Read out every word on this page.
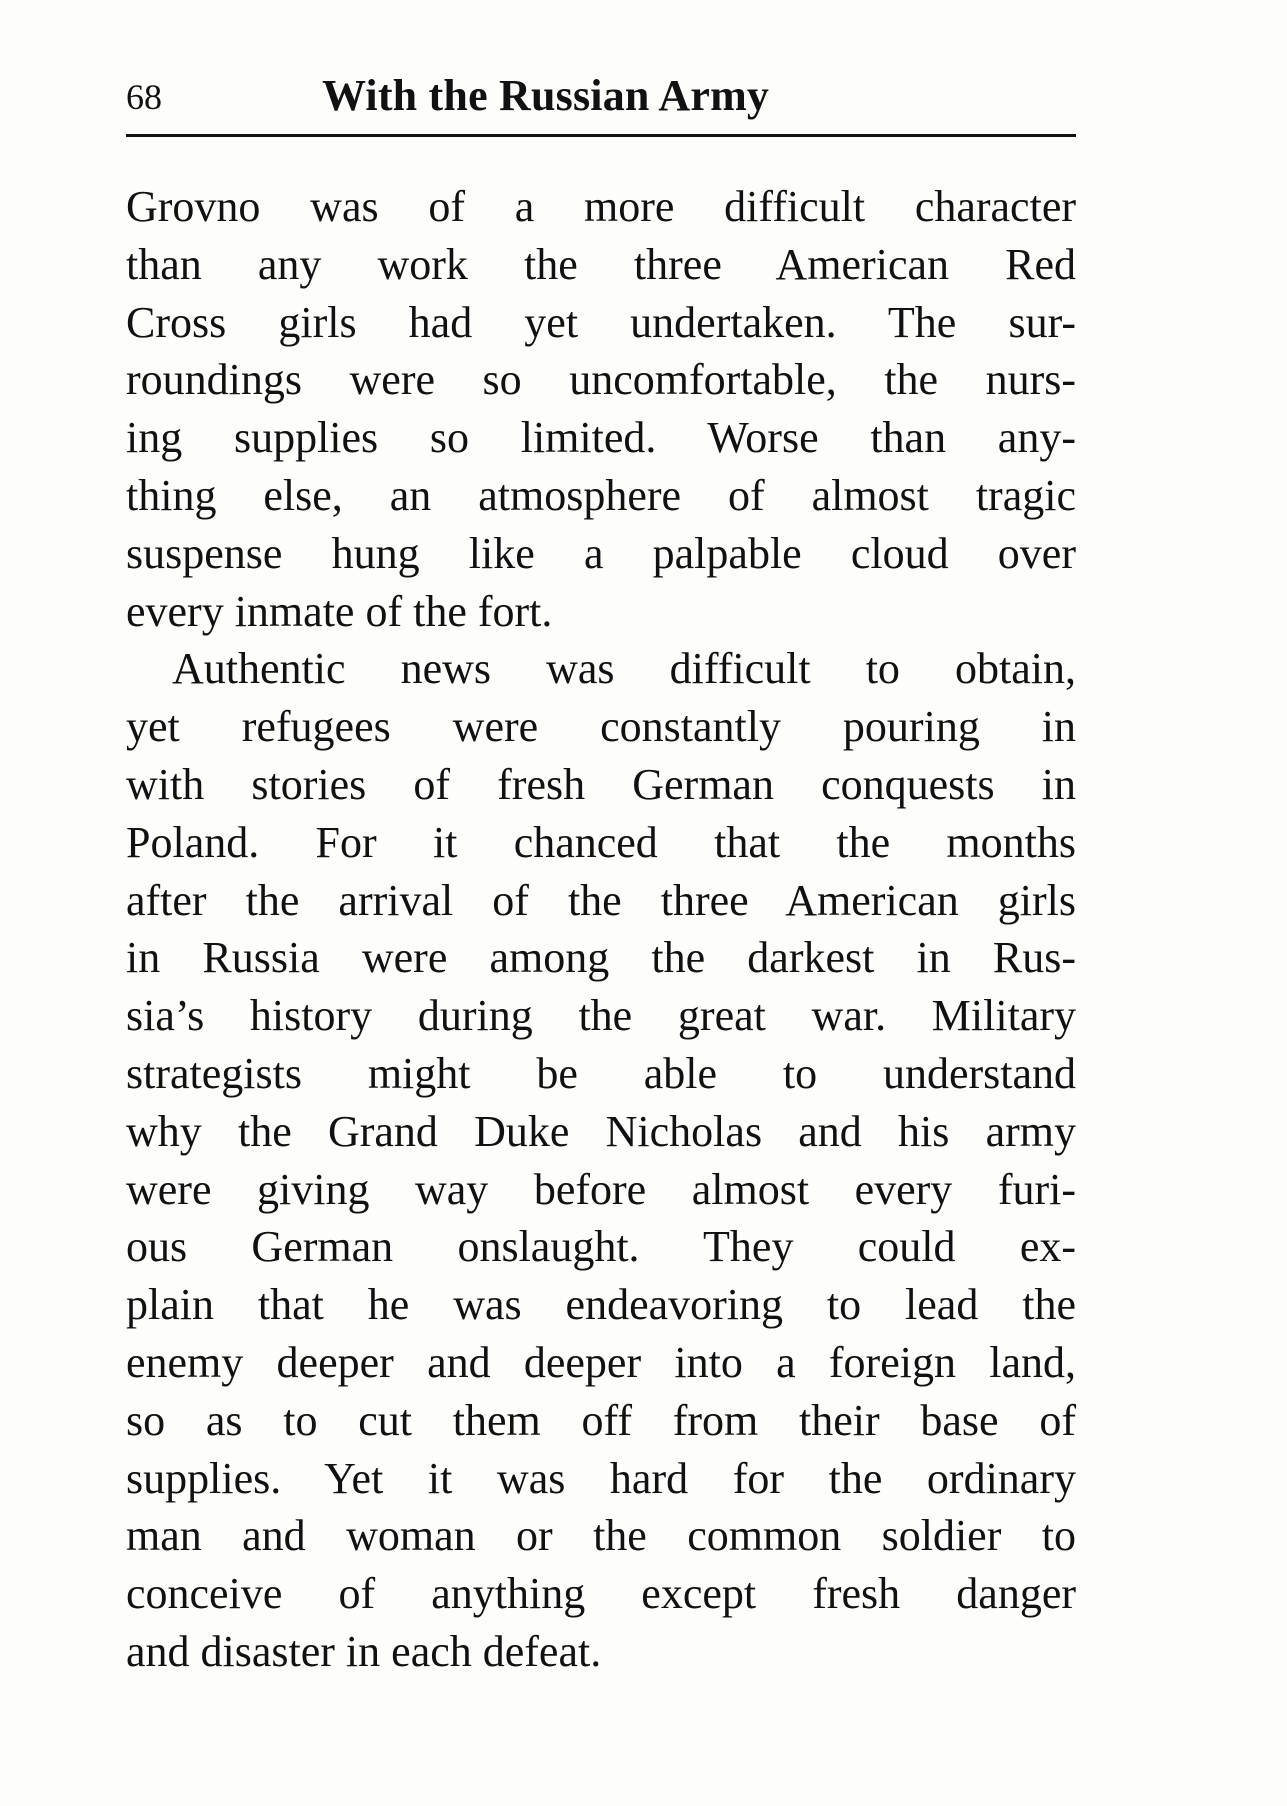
68	With the Russian Army
Grovno was of a more difficult character
than any work the three American Red
Cross girls had yet undertaken. The sur-
roundings were so uncomfortable, the nurs-
ing supplies so limited. Worse than any-
thing else, an atmosphere of almost tragic
suspense hung like a palpable cloud over
every inmate of the fort.
Authentic news was difficult to obtain,
yet refugees were constantly pouring in
with stories of fresh German conquests in
Poland. For it chanced that the months
after the arrival of the three American girls
in Russia were among the darkest in Rus-
sia’s history during the great war. Military
strategists might be able to understand
why the Grand Duke Nicholas and his army
were giving way before almost every furi-
ous German onslaught. They could ex-
plain that he was endeavoring to lead the
enemy deeper and deeper into a foreign land,
so as to cut them off from their base of
supplies. Yet it was hard for the ordinary
man and woman or the common soldier to
conceive of anything except fresh danger
and disaster in each defeat.
